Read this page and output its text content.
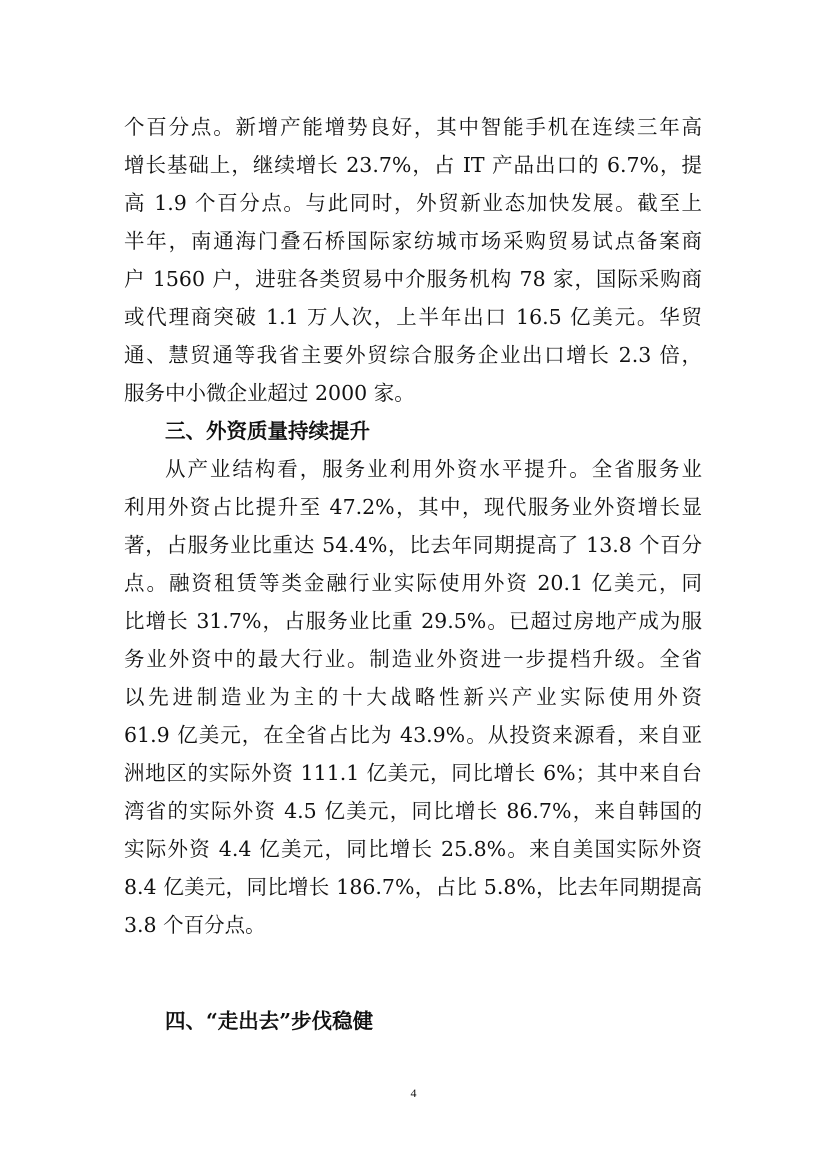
个百分点。新增产能增势良好，其中智能手机在连续三年高
增长基础上，继续增长 23.7%，占 IT 产品出口的 6.7%，提
高 1.9 个百分点。与此同时，外贸新业态加快发展。截至上
半年，南通海门叠石桥国际家纺城市场采购贸易试点备案商
户 1560 户，进驻各类贸易中介服务机构 78 家，国际采购商
或代理商突破 1.1 万人次，上半年出口 16.5 亿美元。华贸
通、慧贸通等我省主要外贸综合服务企业出口增长 2.3 倍，
服务中小微企业超过 2000 家。
三、外资质量持续提升
从产业结构看，服务业利用外资水平提升。全省服务业
利用外资占比提升至 47.2%，其中，现代服务业外资增长显
著，占服务业比重达 54.4%，比去年同期提高了 13.8 个百分
点。融资租赁等类金融行业实际使用外资 20.1 亿美元，同
比增长 31.7%，占服务业比重 29.5%。已超过房地产成为服
务业外资中的最大行业。制造业外资进一步提档升级。全省
以先进制造业为主的十大战略性新兴产业实际使用外资
61.9 亿美元，在全省占比为 43.9%。从投资来源看，来自亚
洲地区的实际外资 111.1 亿美元，同比增长 6%；其中来自台
湾省的实际外资 4.5 亿美元，同比增长 86.7%，来自韩国的
实际外资 4.4 亿美元，同比增长 25.8%。来自美国实际外资
8.4 亿美元，同比增长 186.7%，占比 5.8%，比去年同期提高
3.8 个百分点。
四、“走出去”步伐稳健
4
